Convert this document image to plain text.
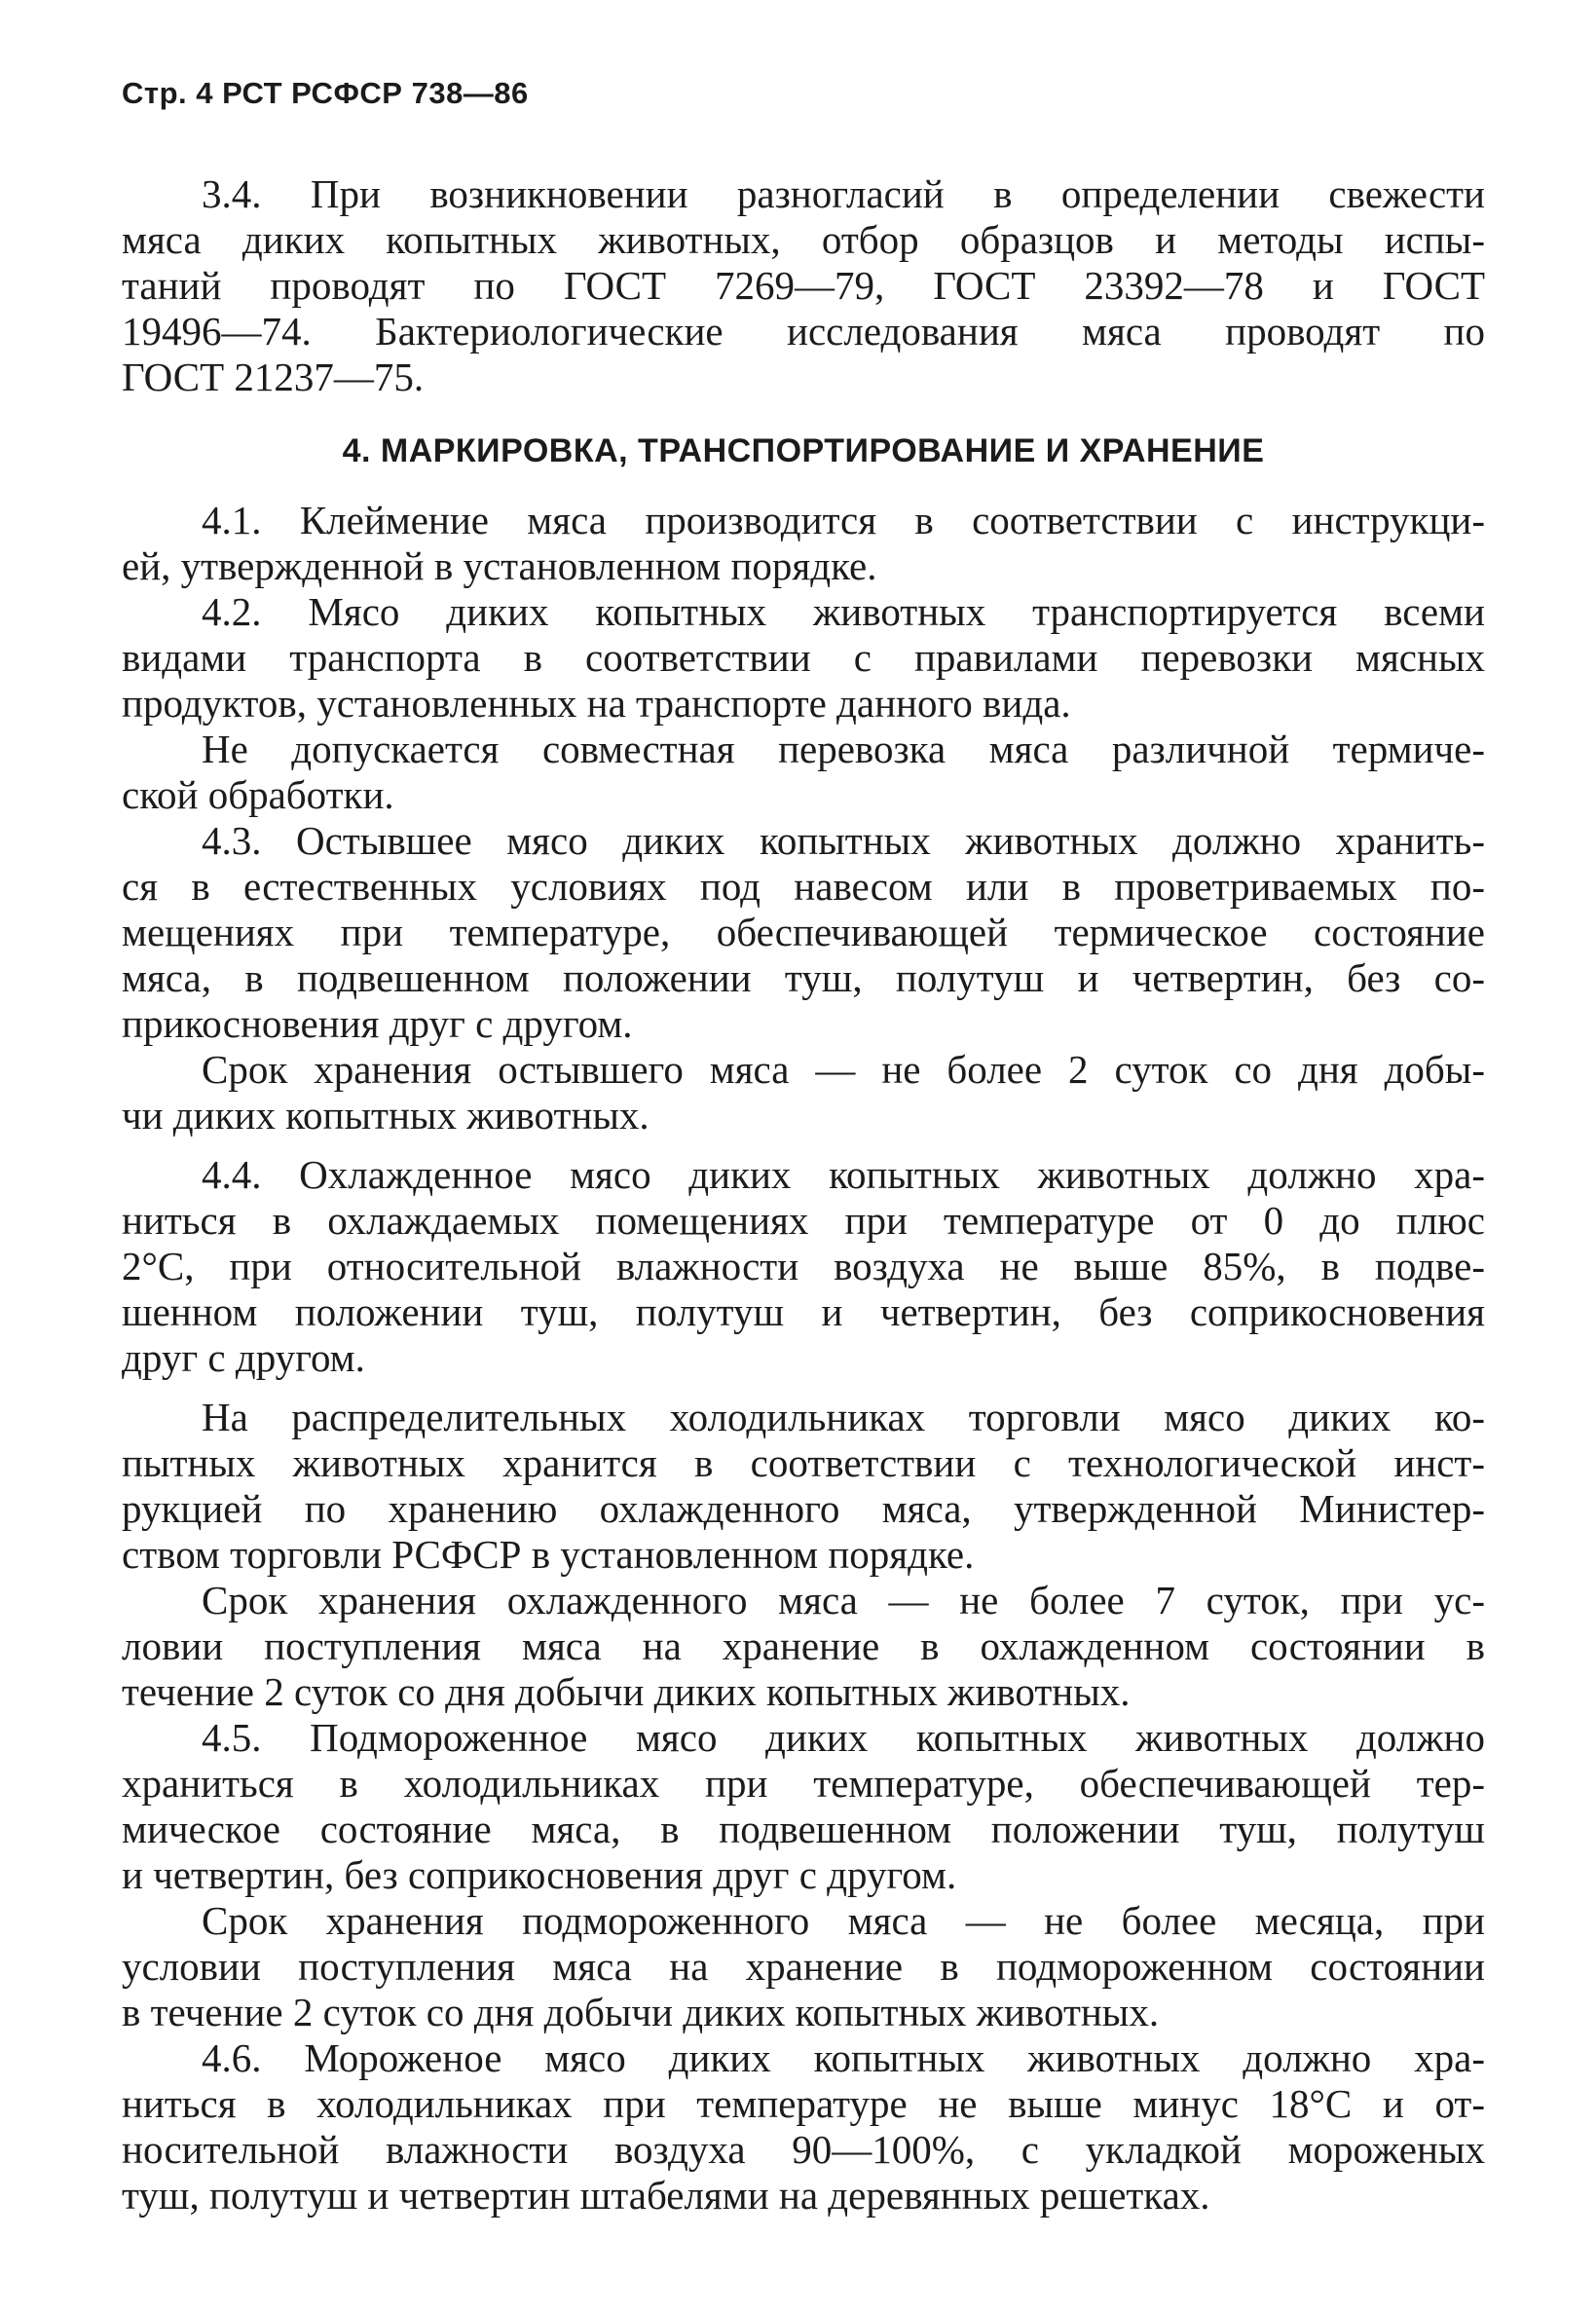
Стр. 4 РСТ РСФСР 738—86
3.4. При возникновении разногласий в определении свежести
мяса диких копытных животных, отбор образцов и методы испы-
таний проводят по ГОСТ 7269—79, ГОСТ 23392—78 и ГОСТ
19496—74. Бактериологические исследования мяса проводят по
ГОСТ 21237—75.
4. МАРКИРОВКА, ТРАНСПОРТИРОВАНИЕ И ХРАНЕНИЕ
4.1. Клеймение мяса производится в соответствии с инструкци-
ей, утвержденной в установленном порядке.
4.2. Мясо диких копытных животных транспортируется всеми
видами транспорта в соответствии с правилами перевозки мясных
продуктов, установленных на транспорте данного вида.
Не допускается совместная перевозка мяса различной термиче-
ской обработки.
4.3. Остывшее мясо диких копытных животных должно хранить-
ся в естественных условиях под навесом или в проветриваемых по-
мещениях при температуре, обеспечивающей термическое состояние
мяса, в подвешенном положении туш, полутуш и четвертин, без со-
прикосновения друг с другом.
Срок хранения остывшего мяса — не более 2 суток со дня добы-
чи диких копытных животных.
4.4. Охлажденное мясо диких копытных животных должно хра-
ниться в охлаждаемых помещениях при температуре от 0 до плюс
2°С, при относительной влажности воздуха не выше 85%, в подве-
шенном положении туш, полутуш и четвертин, без соприкосновения
друг с другом.
На распределительных холодильниках торговли мясо диких ко-
пытных животных хранится в соответствии с технологической инст-
рукцией по хранению охлажденного мяса, утвержденной Министер-
ством торговли РСФСР в установленном порядке.
Срок хранения охлажденного мяса — не более 7 суток, при ус-
ловии поступления мяса на хранение в охлажденном состоянии в
течение 2 суток со дня добычи диких копытных животных.
4.5. Подмороженное мясо диких копытных животных должно
храниться в холодильниках при температуре, обеспечивающей тер-
мическое состояние мяса, в подвешенном положении туш, полутуш
и четвертин, без соприкосновения друг с другом.
Срок хранения подмороженного мяса — не более месяца, при
условии поступления мяса на хранение в подмороженном состоянии
в течение 2 суток со дня добычи диких копытных животных.
4.6. Мороженое мясо диких копытных животных должно хра-
ниться в холодильниках при температуре не выше минус 18°С и от-
носительной влажности воздуха 90—100%, с укладкой мороженых
туш, полутуш и четвертин штабелями на деревянных решетках.
